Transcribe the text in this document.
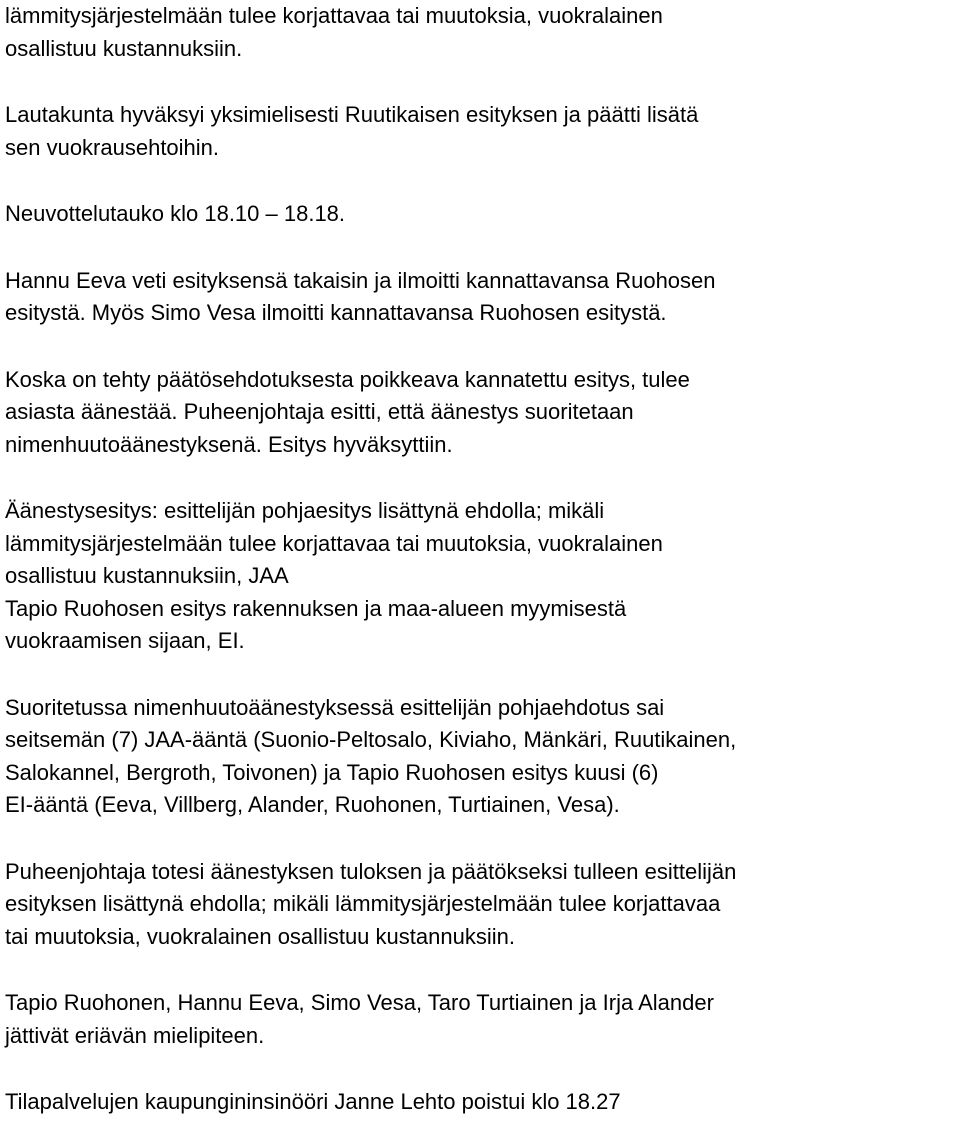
lämmitysjärjestelmään tulee korjattavaa tai muutoksia, vuokralainen
osallistuu kustannuksiin.

Lautakunta hyväksyi yksimielisesti Ruutikaisen esityksen ja päätti lisätä
sen vuokrausehtoihin.

Neuvottelutauko klo 18.10 – 18.18.

Hannu Eeva veti esityksensä takaisin ja ilmoitti kannattavansa Ruohosen
esitystä. Myös Simo Vesa ilmoitti kannattavansa Ruohosen esitystä.

Koska on tehty päätösehdotuksesta poikkeava kannatettu esitys, tulee
asiasta äänestää. Puheenjohtaja esitti, että äänestys suoritetaan
nimenhuutoäänestyksenä. Esitys hyväksyttiin.

Äänestysesitys: esittelijän pohjaesitys lisättynä ehdolla; mikäli
lämmitysjärjestelmään tulee korjattavaa tai muutoksia, vuokralainen
osallistuu kustannuksiin, JAA
Tapio Ruohosen esitys rakennuksen ja maa-alueen myymisestä
vuokraamisen sijaan, EI.

Suoritetussa nimenhuutoäänestyksessä esittelijän pohjaehdotus sai
seitsemän (7) JAA-ääntä (Suonio-Peltosalo, Kiviaho, Mänkäri, Ruutikainen,
Salokannel, Bergroth, Toivonen) ja Tapio Ruohosen esitys kuusi (6)
EI-ääntä (Eeva, Villberg, Alander, Ruohonen, Turtiainen, Vesa).

Puheenjohtaja totesi äänestyksen tuloksen ja päätökseksi tulleen esittelijän
esityksen lisättynä ehdolla; mikäli lämmitysjärjestelmään tulee korjattavaa
tai muutoksia, vuokralainen osallistuu kustannuksiin.

Tapio Ruohonen, Hannu Eeva, Simo Vesa, Taro Turtiainen ja Irja Alander
jättivät eriävän mielipiteen.

Tilapalvelujen kaupungininsinööri Janne Lehto poistui klo 18.27
